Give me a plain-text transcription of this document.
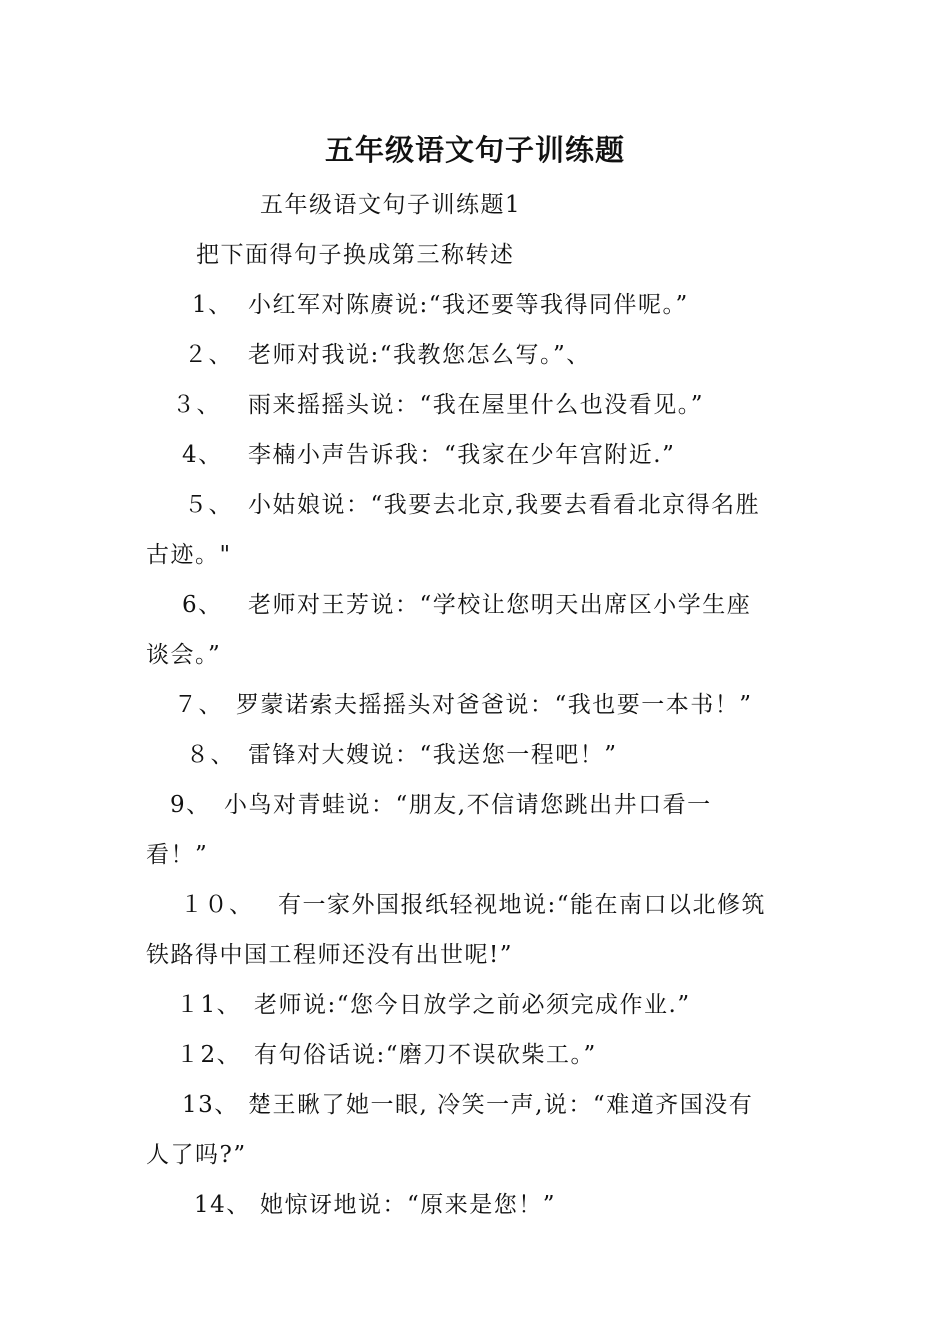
五年级语文句子训练题
五年级语文句子训练题1
把下面得句子换成第三称转述
1、 小红军对陈赓说:“我还要等我得同伴呢。”
２、 老师对我说:“我教您怎么写。”、
３、 雨来摇摇头说：“我在屋里什么也没看见。”
4、 李楠小声告诉我：“我家在少年宫附近.”
５、 小姑娘说：“我要去北京,我要去看看北京得名胜
古迹。"
6、 老师对王芳说：“学校让您明天出席区小学生座
谈会。”
７、 罗蒙诺索夫摇摇头对爸爸说：“我也要一本书！”
８、 雷锋对大嫂说：“我送您一程吧！”
9、 小鸟对青蛙说：“朋友,不信请您跳出井口看一
看！”
１０、 有一家外国报纸轻视地说:“能在南口以北修筑
铁路得中国工程师还没有出世呢!”
１1、 老师说:“您今日放学之前必须完成作业.”
１2、 有句俗话说:“磨刀不误砍柴工。”
13、 楚王瞅了她一眼, 冷笑一声,说：“难道齐国没有
人了吗?”
14、 她惊讶地说：“原来是您！”
